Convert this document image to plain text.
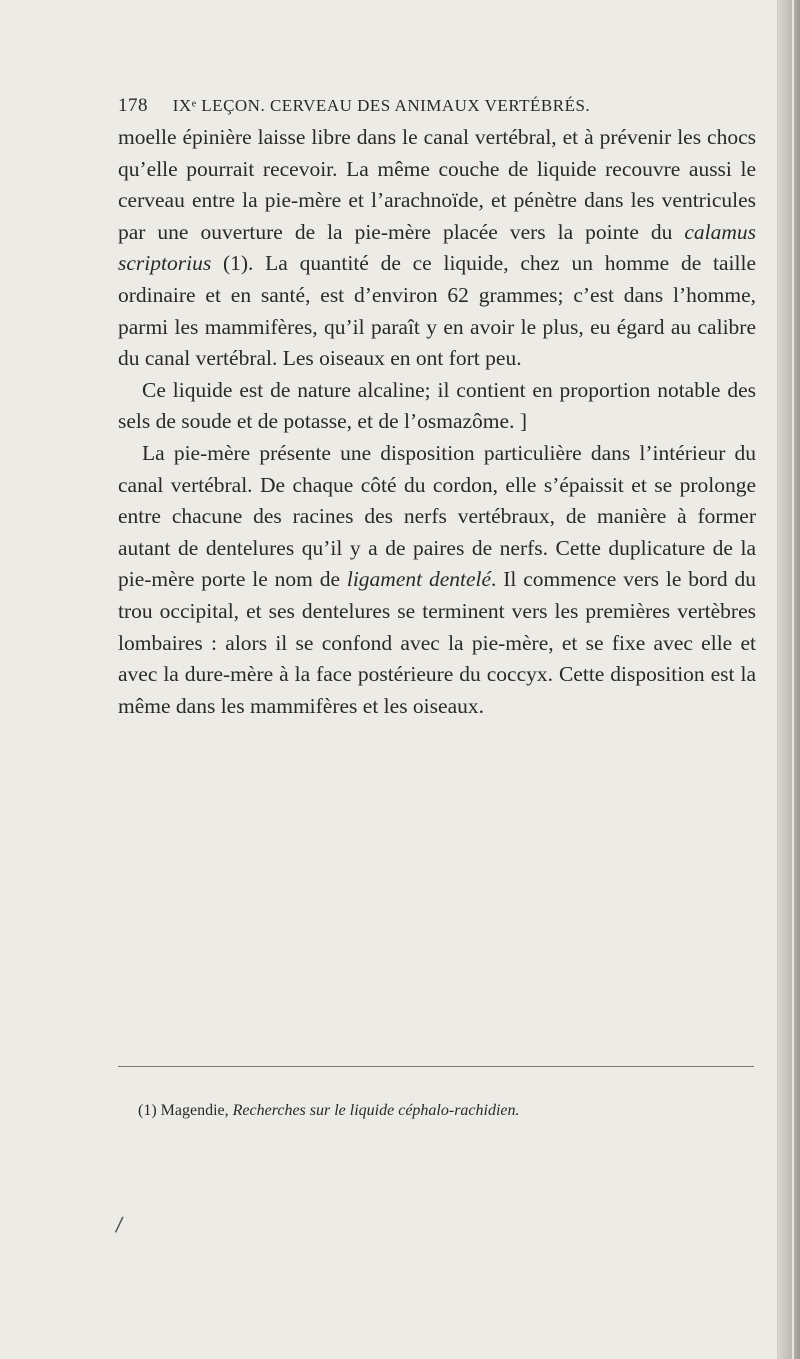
178 IXᵉ LEÇON. CERVEAU DES ANIMAUX VERTÉBRÉS.

moelle épinière laisse libre dans le canal vertébral, et à prévenir les chocs qu’elle pourrait recevoir. La même couche de liquide recouvre aussi le cerveau entre la pie-mère et l’arachnoïde, et pénètre dans les ventricules par une ouverture de la pie-mère placée vers la pointe du calamus scriptorius (1). La quantité de ce liquide, chez un homme de taille ordinaire et en santé, est d’environ 62 grammes; c’est dans l’homme, parmi les mammifères, qu’il paraît y en avoir le plus, eu égard au calibre du canal vertébral. Les oiseaux en ont fort peu.

Ce liquide est de nature alcaline; il contient en proportion notable des sels de soude et de potasse, et de l’osmazôme. ]

La pie-mère présente une disposition particulière dans l’intérieur du canal vertébral. De chaque côté du cordon, elle s’épaissit et se prolonge entre chacune des racines des nerfs vertébraux, de manière à former autant de dentelures qu’il y a de paires de nerfs. Cette duplicature de la pie-mère porte le nom de ligament dentelé. Il commence vers le bord du trou occipital, et ses dentelures se terminent vers les premières vertèbres lombaires : alors il se confond avec la pie-mère, et se fixe avec elle et avec la dure-mère à la face postérieure du coccyx. Cette disposition est la même dans les mammifères et les oiseaux.

(1) Magendie, Recherches sur le liquide céphalo-rachidien.
/
